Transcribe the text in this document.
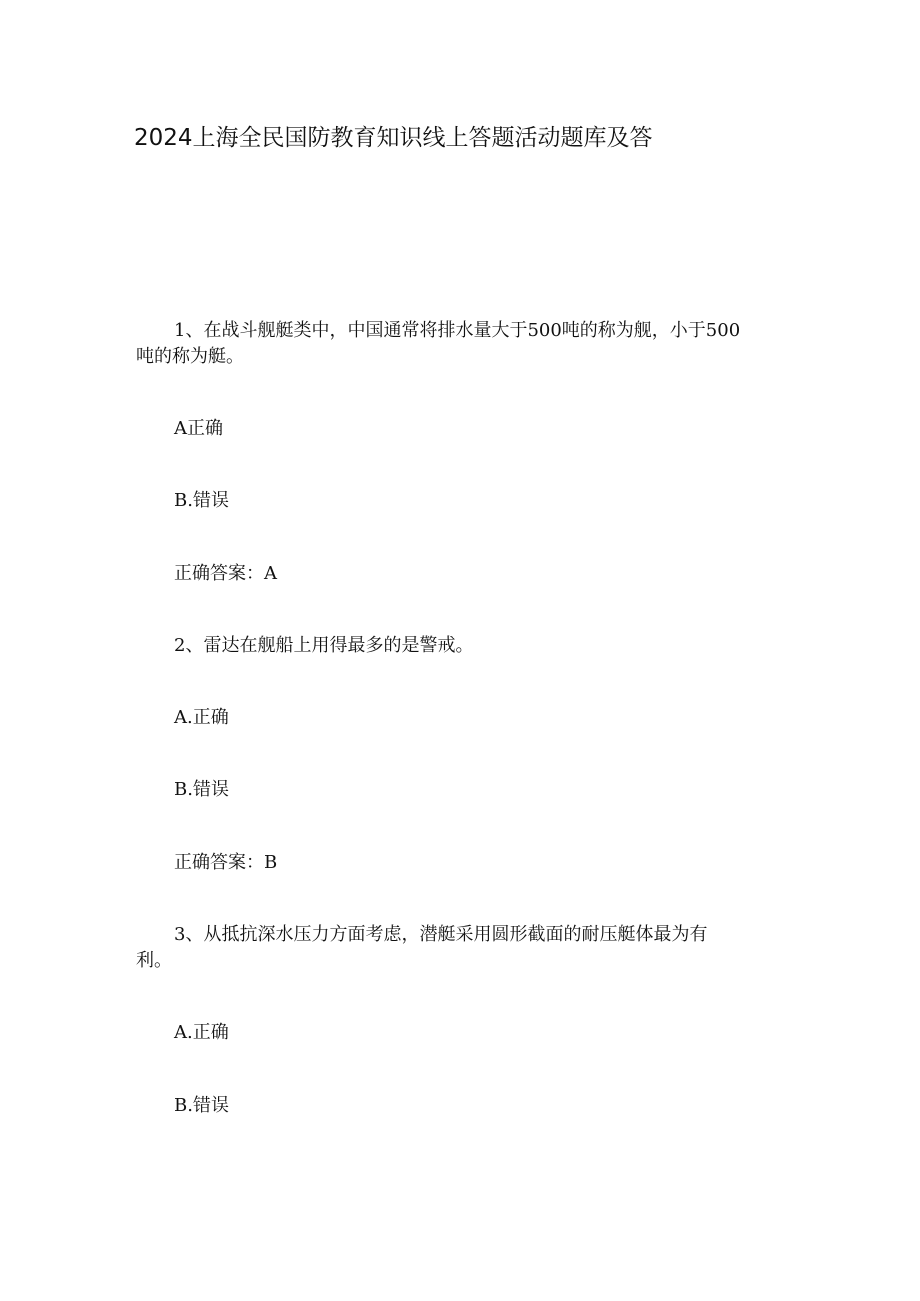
2024上海全民国防教育知识线上答题活动题库及答

1、在战斗舰艇类中，中国通常将排水量大于500吨的称为舰，小于500

吨的称为艇。

A正确

B.错误

正确答案：A

2、雷达在舰船上用得最多的是警戒。

A.正确

B.错误

正确答案：B

3、从抵抗深水压力方面考虑，潜艇采用圆形截面的耐压艇体最为有

利。

A.正确

B.错误
